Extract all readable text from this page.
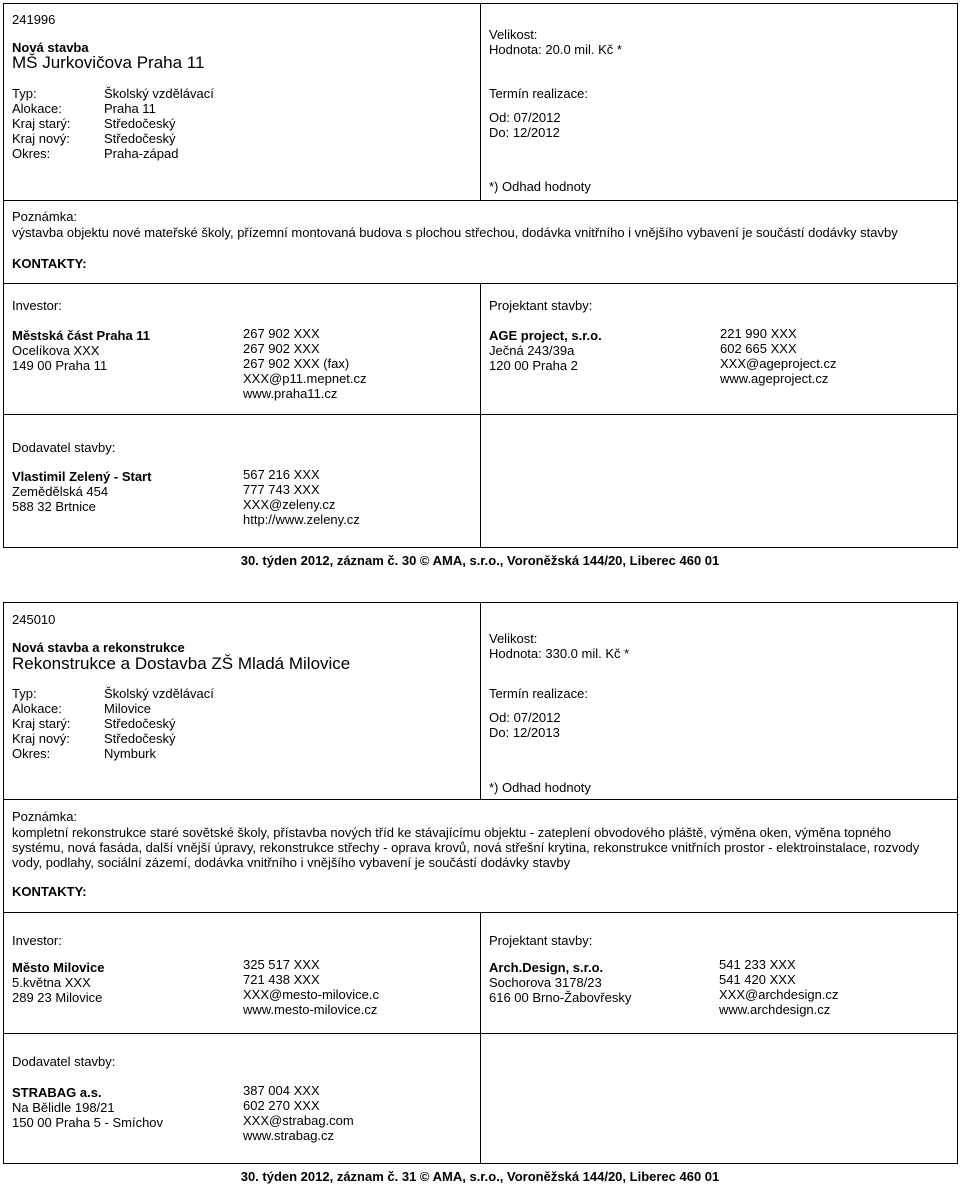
241996
Nová stavba
MŠ Jurkovičova Praha 11
Typ:
Alokace:
Kraj starý:
Kraj nový:
Okres:
Školský vzdělávací
Praha 11
Středočeský
Středočeský
Praha-západ
Velikost:
Hodnota: 20.0 mil. Kč *
Termín realizace:
Od: 07/2012
Do: 12/2012
*) Odhad hodnoty
Poznámka:
výstavba objektu nové mateřské školy, přízemní montovaná budova s plochou střechou, dodávka vnitřního i vnějšího vybavení je součástí dodávky stavby
KONTAKTY:
Investor:
Městská část Praha 11
Ocelíkova XXX
149 00 Praha 11
267 902 XXX
267 902 XXX
267 902 XXX (fax)
XXX@p11.mepnet.cz
www.praha11.cz
Projektant stavby:
AGE project, s.r.o.
Ječná 243/39a
120 00 Praha 2
221 990 XXX
602 665 XXX
XXX@ageproject.cz
www.ageproject.cz
Dodavatel stavby:
Vlastimil Zelený - Start
Zemědělská 454
588 32 Brtnice
567 216 XXX
777 743 XXX
XXX@zeleny.cz
http://www.zeleny.cz
30. týden 2012, záznam č. 30 © AMA, s.r.o., Voroněžská 144/20, Liberec 460 01
245010
Nová stavba a rekonstrukce
Rekonstrukce a Dostavba ZŠ Mladá Milovice
Typ:
Alokace:
Kraj starý:
Kraj nový:
Okres:
Školský vzdělávací
Milovice
Středočeský
Středočeský
Nymburk
Velikost:
Hodnota: 330.0 mil. Kč *
Termín realizace:
Od: 07/2012
Do: 12/2013
*) Odhad hodnoty
Poznámka:
kompletní rekonstrukce staré sovětské školy, přístavba nových tříd ke stávajícímu objektu - zateplení obvodového pláště, výměna oken, výměna topného
systému, nová fasáda, další vnější úpravy, rekonstrukce střechy - oprava krovů, nová střešní krytina, rekonstrukce vnitřních prostor - elektroinstalace, rozvody
vody, podlahy, sociální zázemí, dodávka vnitřního i vnějšího vybavení je součástí dodávky stavby
KONTAKTY:
Investor:
Město Milovice
5.května XXX
289 23 Milovice
325 517 XXX
721 438 XXX
XXX@mesto-milovice.c
www.mesto-milovice.cz
Projektant stavby:
Arch.Design, s.r.o.
Sochorova 3178/23
616 00 Brno-Žabovřesky
541 233 XXX
541 420 XXX
XXX@archdesign.cz
www.archdesign.cz
Dodavatel stavby:
STRABAG a.s.
Na Bělidle 198/21
150 00 Praha 5 - Smíchov
387 004 XXX
602 270 XXX
XXX@strabag.com
www.strabag.cz
30. týden 2012, záznam č. 31 © AMA, s.r.o., Voroněžská 144/20, Liberec 460 01
